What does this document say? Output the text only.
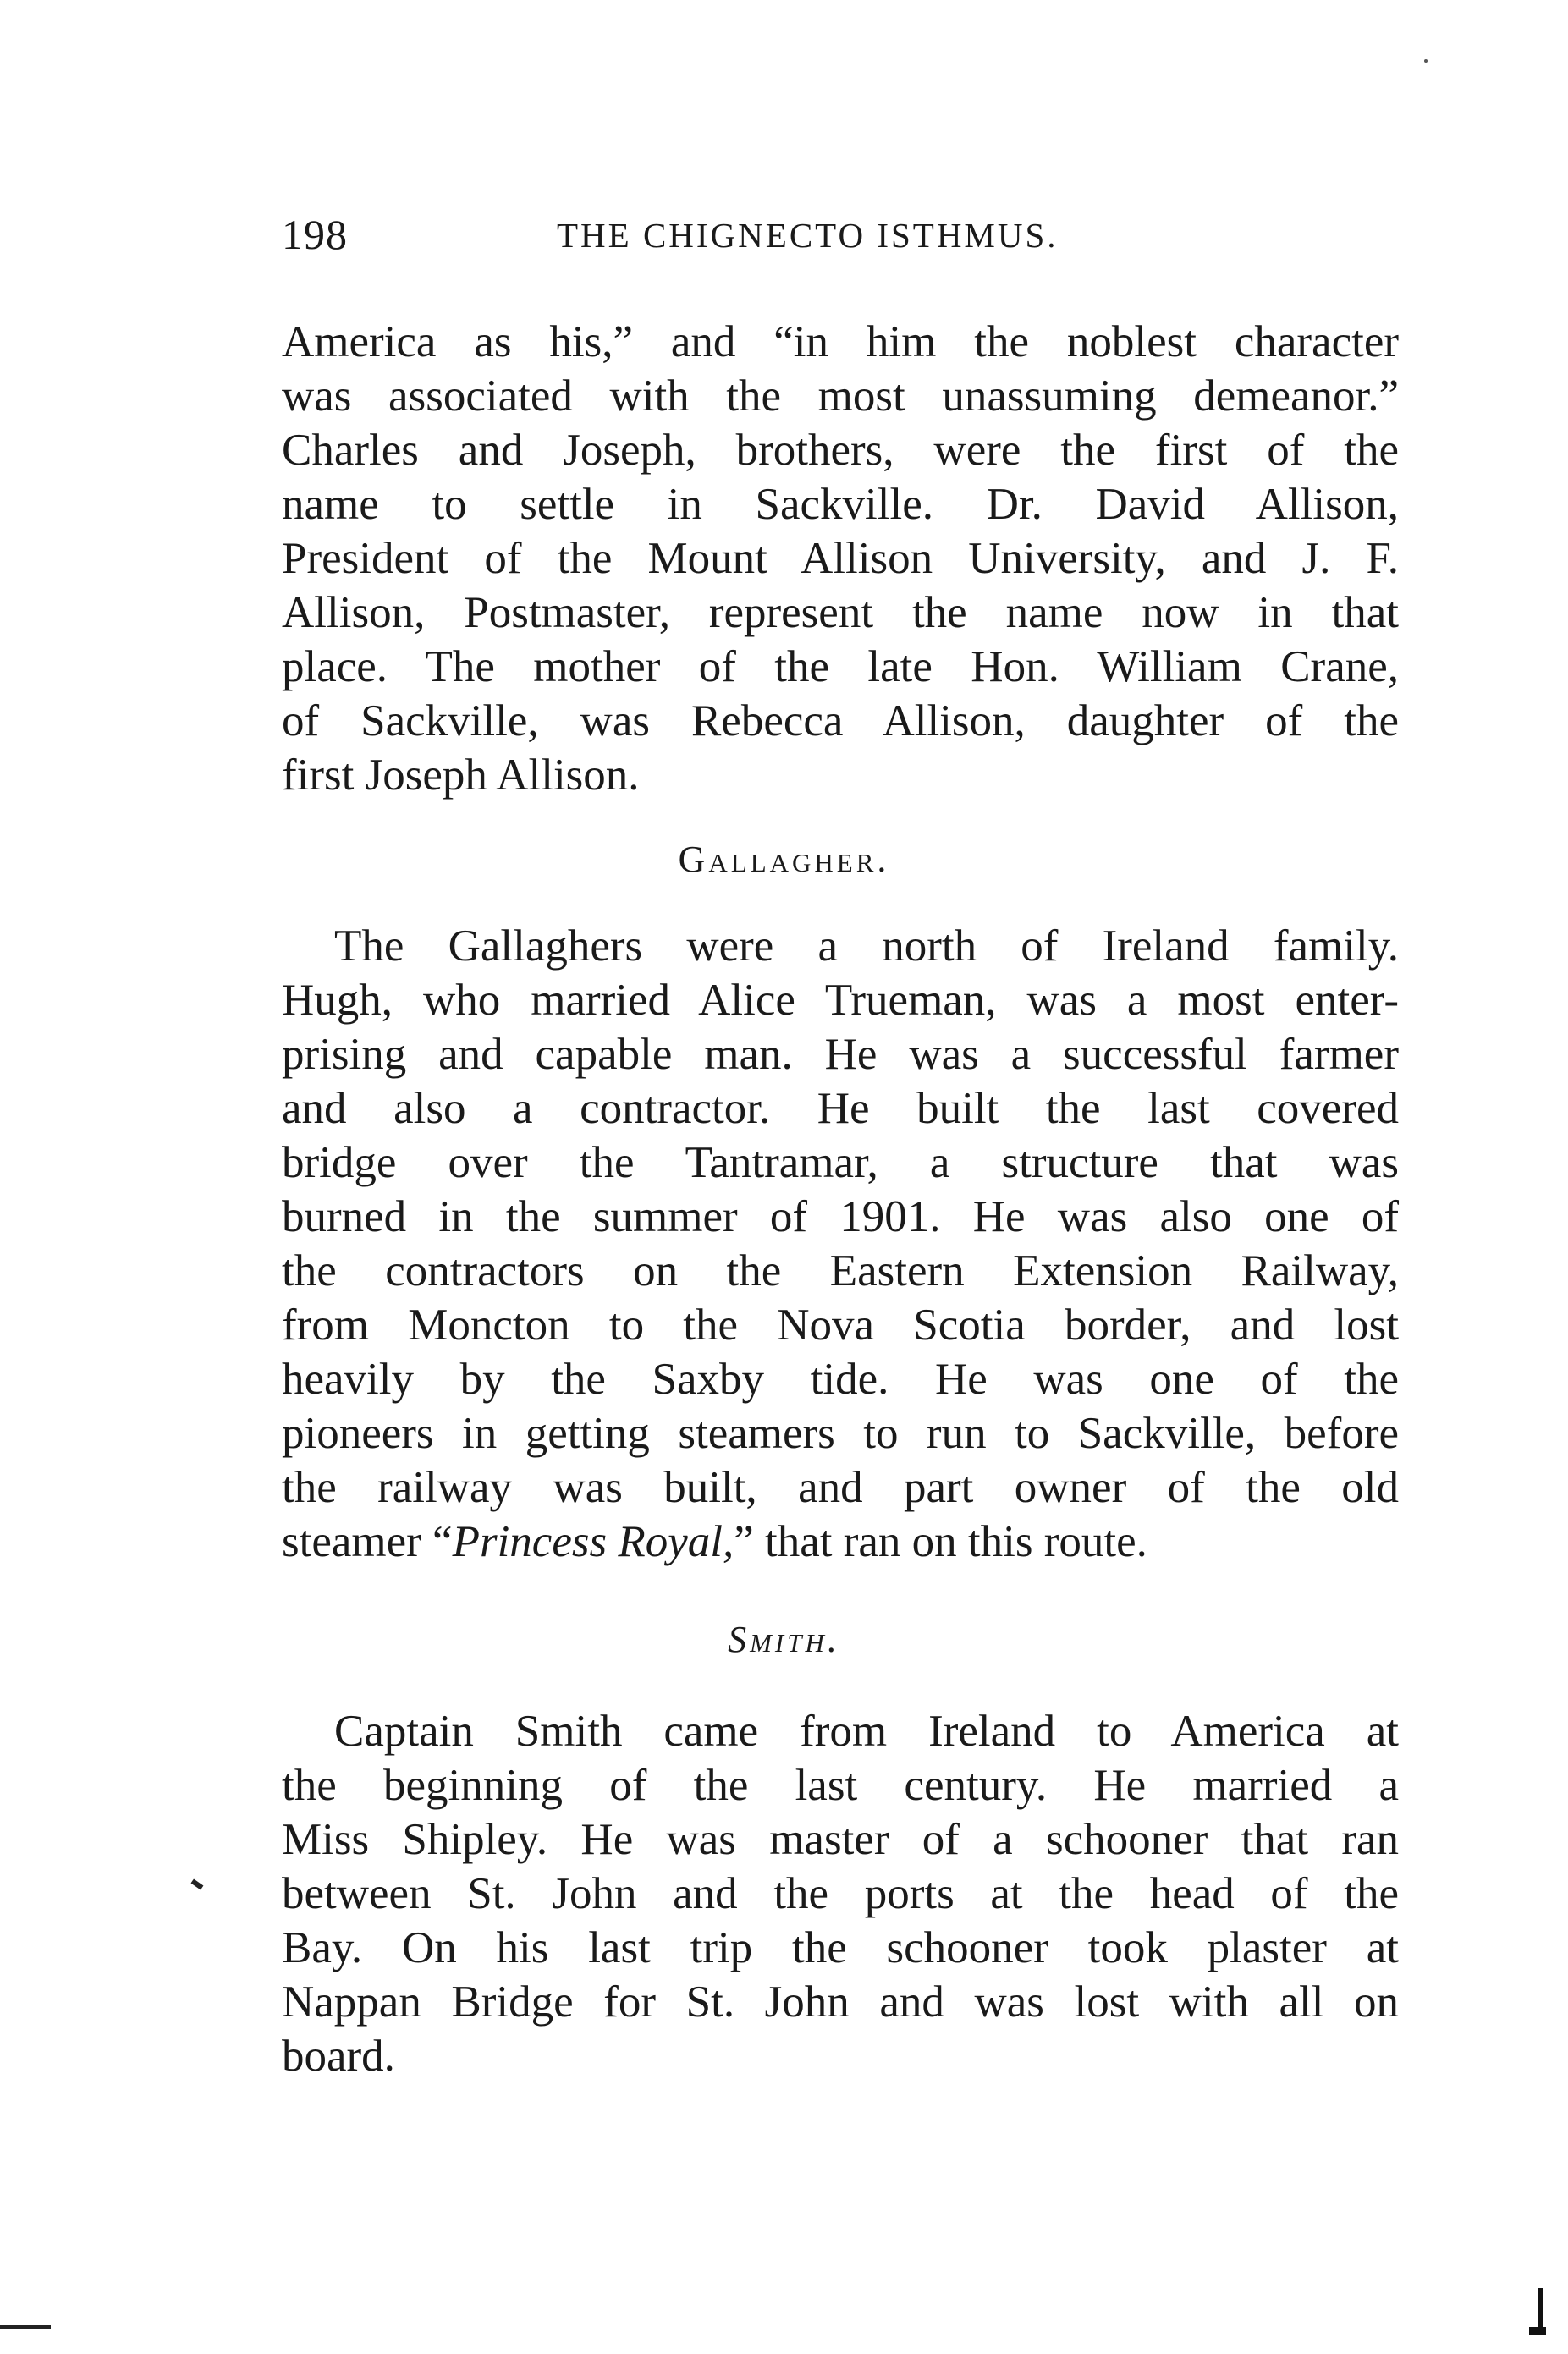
198	THE CHIGNECTO ISTHMUS.
America as his,” and “in him the noblest character
was associated with the most unassuming demeanor.”
Charles and Joseph, brothers, were the first of the
name to settle in Sackville. Dr. David Allison,
President of the Mount Allison University, and J. F.
Allison, Postmaster, represent the name now in that
place. The mother of the late Hon. William Crane,
of Sackville, was Rebecca Allison, daughter of the
first Joseph Allison.
Gallagher.
The Gallaghers were a north of Ireland family.
Hugh, who married Alice Trueman, was a most enter-
prising and capable man. He was a successful farmer
and also a contractor. He built the last covered
bridge over the Tantramar, a structure that was
burned in the summer of 1901. He was also one of
the contractors on the Eastern Extension Railway,
from Moncton to the Nova Scotia border, and lost
heavily by the Saxby tide. He was one of the
pioneers in getting steamers to run to Sackville, before
the railway was built, and part owner of the old
steamer “Princess Royal,” that ran on this route.
Smith.
Captain Smith came from Ireland to America at
the beginning of the last century. He married a
Miss Shipley. He was master of a schooner that ran
between St. John and the ports at the head of the
Bay. On his last trip the schooner took plaster at
Nappan Bridge for St. John and was lost with all on
board.
